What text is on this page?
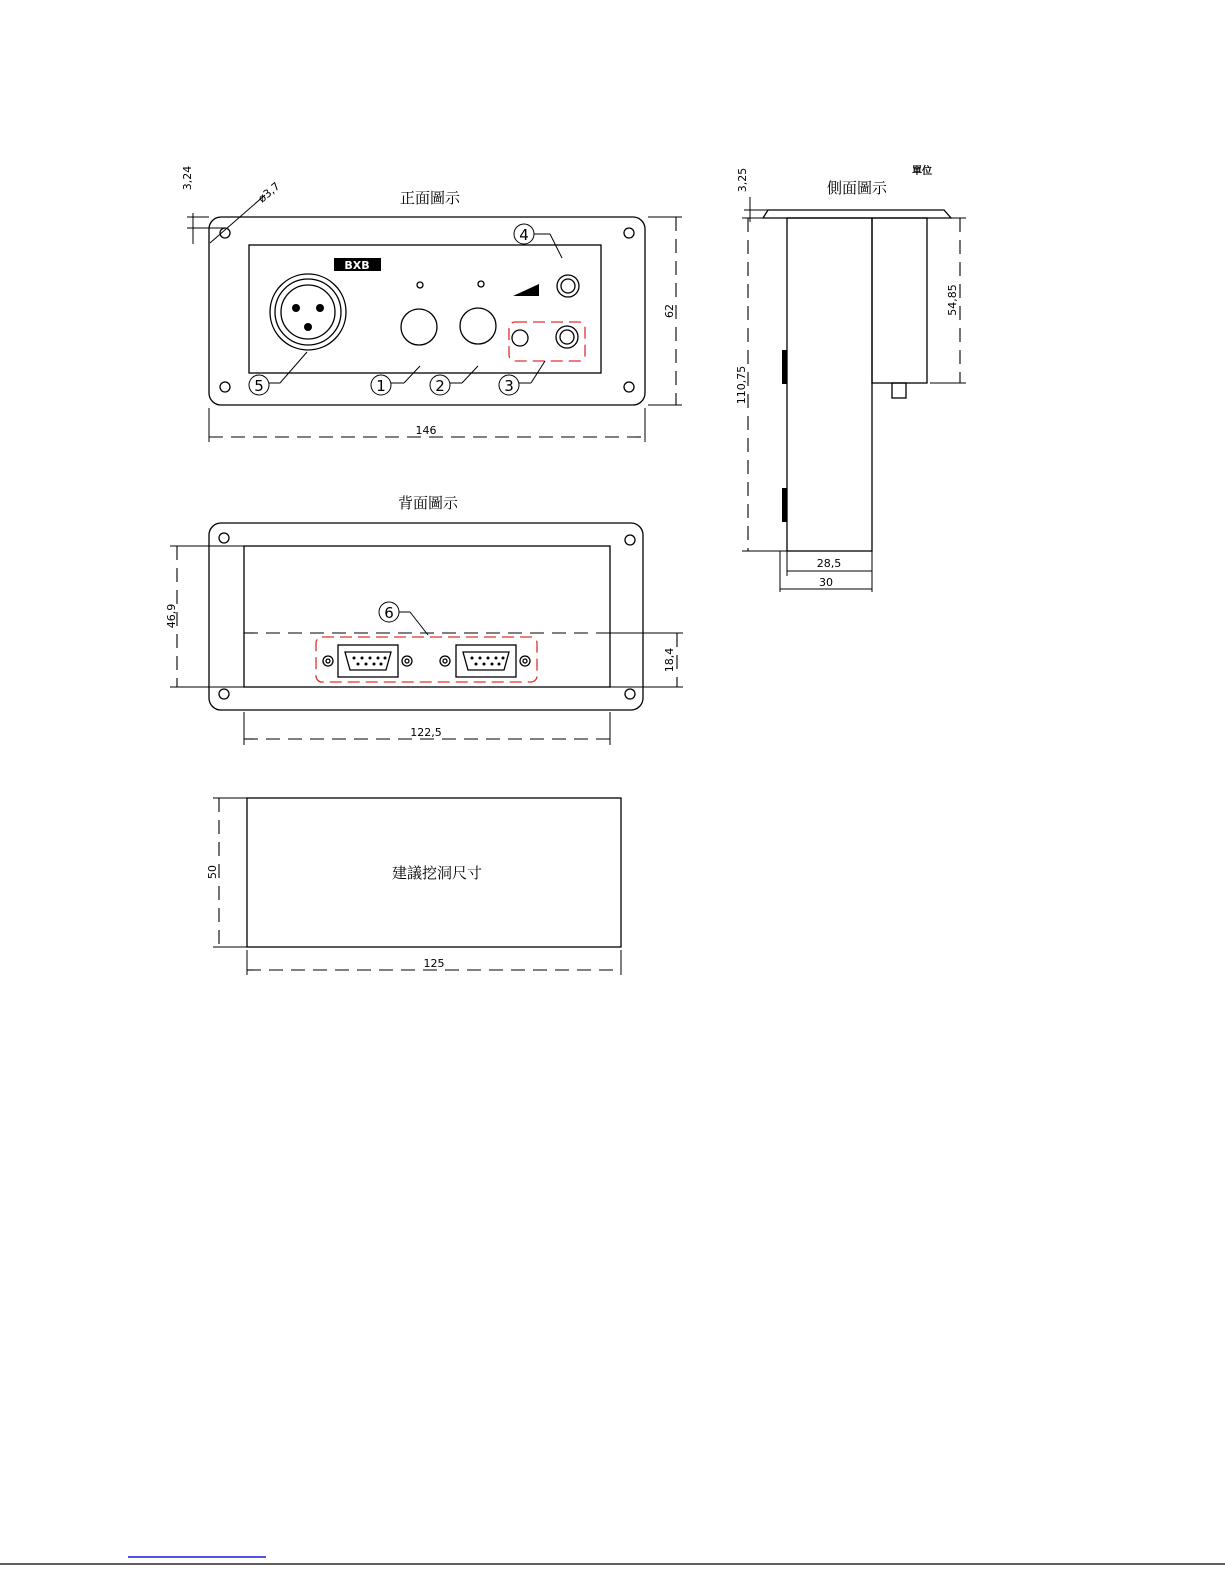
正面圖示
BXB
1	2	3
4
5
146
62
3,24
ø3,7	側面圖示
單位
3,25
110,75
54,85
28,5
30
背面圖示
6
46,9
18,4
122,5
建議挖洞尺寸
50
125
